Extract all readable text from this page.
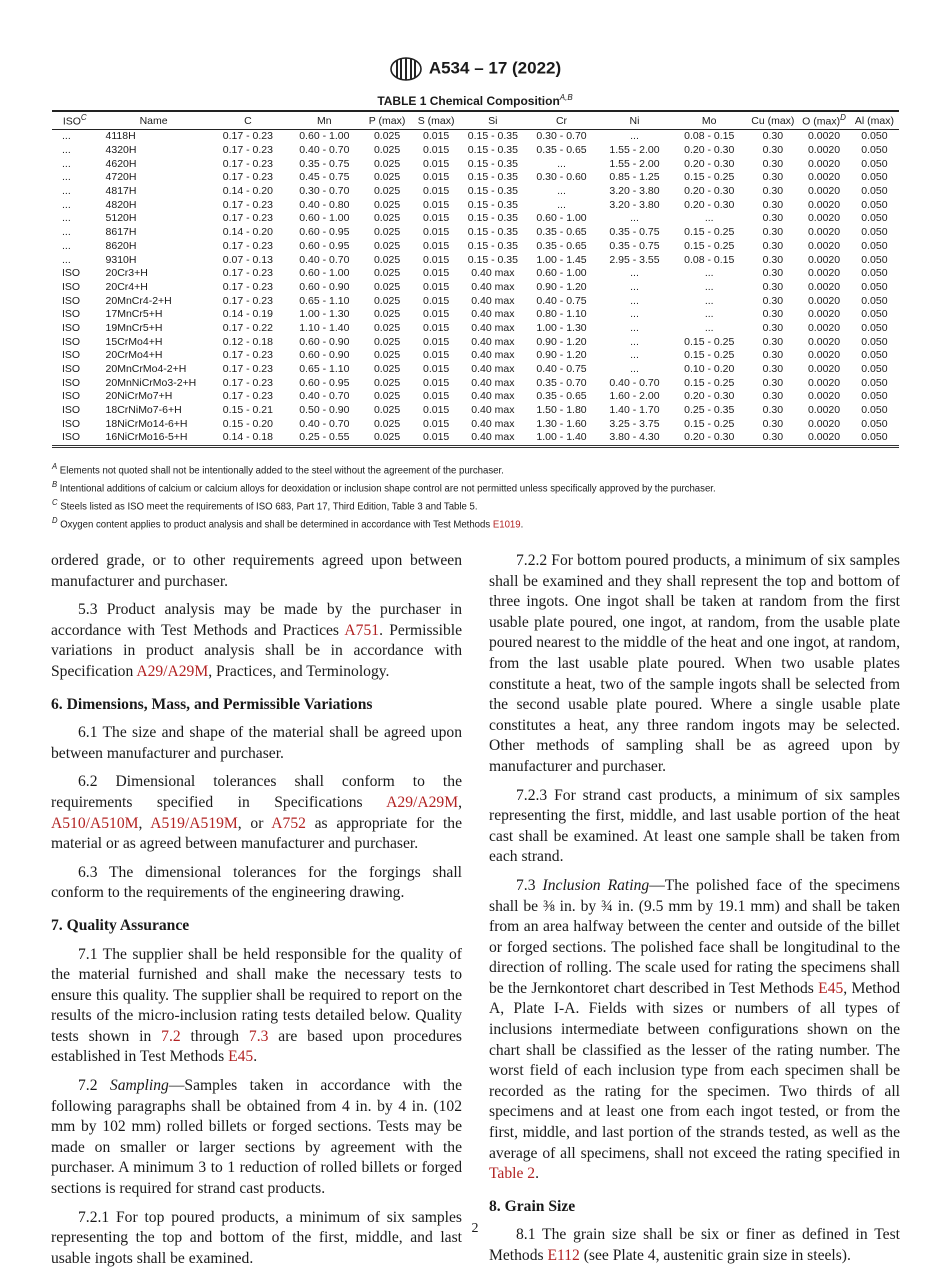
A534 – 17 (2022)
TABLE 1 Chemical Composition$^{A,B}$
$ISO^C$	Name	C	Mn	P (max)	S (max)	Si	Cr	Ni	Mo	Cu (max)	O $(\max)^D$	Al (max)
...	4118H	0.17 - 0.23	0.60 - 1.00	0.025	0.015	0.15 - 0.35	0.30 - 0.70	...	0.08 - 0.15	0.30	0.0020	0.050
...	4320H	0.17 - 0.23	0.40 - 0.70	0.025	0.015	0.15 - 0.35	0.35 - 0.65	1.55 - 2.00	0.20 - 0.30	0.30	0.0020	0.050
...	4620H	0.17 - 0.23	0.35 - 0.75	0.025	0.015	0.15 - 0.35	...	1.55 - 2.00	0.20 - 0.30	0.30	0.0020	0.050
...	4720H	0.17 - 0.23	0.45 - 0.75	0.025	0.015	0.15 - 0.35	0.30 - 0.60	0.85 - 1.25	0.15 - 0.25	0.30	0.0020	0.050
...	4817H	0.14 - 0.20	0.30 - 0.70	0.025	0.015	0.15 - 0.35	...	3.20 - 3.80	0.20 - 0.30	0.30	0.0020	0.050
...	4820H	0.17 - 0.23	0.40 - 0.80	0.025	0.015	0.15 - 0.35	...	3.20 - 3.80	0.20 - 0.30	0.30	0.0020	0.050
...	5120H	0.17 - 0.23	0.60 - 1.00	0.025	0.015	0.15 - 0.35	0.60 - 1.00	...	...	0.30	0.0020	0.050
...	8617H	0.14 - 0.20	0.60 - 0.95	0.025	0.015	0.15 - 0.35	0.35 - 0.65	0.35 - 0.75	0.15 - 0.25	0.30	0.0020	0.050
...	8620H	0.17 - 0.23	0.60 - 0.95	0.025	0.015	0.15 - 0.35	0.35 - 0.65	0.35 - 0.75	0.15 - 0.25	0.30	0.0020	0.050
...	9310H	0.07 - 0.13	0.40 - 0.70	0.025	0.015	0.15 - 0.35	1.00 - 1.45	2.95 - 3.55	0.08 - 0.15	0.30	0.0020	0.050
ISO	20Cr3+H	0.17 - 0.23	0.60 - 1.00	0.025	0.015	0.40 max	0.60 - 1.00	...	...	0.30	0.0020	0.050
ISO	20Cr4+H	0.17 - 0.23	0.60 - 0.90	0.025	0.015	0.40 max	0.90 - 1.20	...	...	0.30	0.0020	0.050
ISO	20MnCr4-2+H	0.17 - 0.23	0.65 - 1.10	0.025	0.015	0.40 max	0.40 - 0.75	...	...	0.30	0.0020	0.050
ISO	17MnCr5+H	0.14 - 0.19	1.00 - 1.30	0.025	0.015	0.40 max	0.80 - 1.10	...	...	0.30	0.0020	0.050
ISO	19MnCr5+H	0.17 - 0.22	1.10 - 1.40	0.025	0.015	0.40 max	1.00 - 1.30	...	...	0.30	0.0020	0.050
ISO	15CrMo4+H	0.12 - 0.18	0.60 - 0.90	0.025	0.015	0.40 max	0.90 - 1.20	...	0.15 - 0.25	0.30	0.0020	0.050
ISO	20CrMo4+H	0.17 - 0.23	0.60 - 0.90	0.025	0.015	0.40 max	0.90 - 1.20	...	0.15 - 0.25	0.30	0.0020	0.050
ISO	20MnCrMo4-2+H	0.17 - 0.23	0.65 - 1.10	0.025	0.015	0.40 max	0.40 - 0.75	...	0.10 - 0.20	0.30	0.0020	0.050
ISO	20MnNiCrMo3-2+H	0.17 - 0.23	0.60 - 0.95	0.025	0.015	0.40 max	0.35 - 0.70	0.40 - 0.70	0.15 - 0.25	0.30	0.0020	0.050
ISO	20NiCrMo7+H	0.17 - 0.23	0.40 - 0.70	0.025	0.015	0.40 max	0.35 - 0.65	1.60 - 2.00	0.20 - 0.30	0.30	0.0020	0.050
ISO	18CrNiMo7-6+H	0.15 - 0.21	0.50 - 0.90	0.025	0.015	0.40 max	1.50 - 1.80	1.40 - 1.70	0.25 - 0.35	0.30	0.0020	0.050
ISO	18NiCrMo14-6+H	0.15 - 0.20	0.40 - 0.70	0.025	0.015	0.40 max	1.30 - 1.60	3.25 - 3.75	0.15 - 0.25	0.30	0.0020	0.050
ISO	16NiCrMo16-5+H	0.14 - 0.18	0.25 - 0.55	0.025	0.015	0.40 max	1.00 - 1.40	3.80 - 4.30	0.20 - 0.30	0.30	0.0020	0.050
$^A$ Elements not quoted shall not be intentionally added to the steel without the agreement of the purchaser.
$^B$ Intentional additions of calcium or calcium alloys for deoxidation or inclusion shape control are not permitted unless specifically approved by the purchaser.
$^C$ Steels listed as ISO meet the requirements of ISO 683, Part 17, Third Edition, Table 3 and Table 5.
$^D$ Oxygen content applies to product analysis and shall be determined in accordance with Test Methods E1019.

ordered grade, or to other requirements agreed upon between manufacturer and purchaser.

5.3 Product analysis may be made by the purchaser in accordance with Test Methods and Practices A751. Permissible variations in product analysis shall be in accordance with Specification A29/A29M, Practices, and Terminology.

6. Dimensions, Mass, and Permissible Variations

6.1 The size and shape of the material shall be agreed upon between manufacturer and purchaser.

6.2 Dimensional tolerances shall conform to the requirements specified in Specifications A29/A29M, A510/A510M, A519/A519M, or A752 as appropriate for the material or as agreed between manufacturer and purchaser.

6.3 The dimensional tolerances for the forgings shall conform to the requirements of the engineering drawing.

7. Quality Assurance

7.1 The supplier shall be held responsible for the quality of the material furnished and shall make the necessary tests to ensure this quality. The supplier shall be required to report on the results of the micro-inclusion rating tests detailed below. Quality tests shown in 7.2 through 7.3 are based upon procedures established in Test Methods E45.

7.2 Sampling—Samples taken in accordance with the following paragraphs shall be obtained from 4 in. by 4 in. (102 mm by 102 mm) rolled billets or forged sections. Tests may be made on smaller or larger sections by agreement with the purchaser. A minimum 3 to 1 reduction of rolled billets or forged sections is required for strand cast products.

7.2.1 For top poured products, a minimum of six samples representing the top and bottom of the first, middle, and last usable ingots shall be examined.

7.2.2 For bottom poured products, a minimum of six samples shall be examined and they shall represent the top and bottom of three ingots. One ingot shall be taken at random from the first usable plate poured, one ingot, at random, from the usable plate poured nearest to the middle of the heat and one ingot, at random, from the last usable plate poured. When two usable plates constitute a heat, two of the sample ingots shall be selected from the second usable plate poured. Where a single usable plate constitutes a heat, any three random ingots may be selected. Other methods of sampling shall be as agreed upon by manufacturer and purchaser.

7.2.3 For strand cast products, a minimum of six samples representing the first, middle, and last usable portion of the heat cast shall be examined. At least one sample shall be taken from each strand.

7.3 Inclusion Rating—The polished face of the specimens shall be ⅜ in. by ¾ in. (9.5 mm by 19.1 mm) and shall be taken from an area halfway between the center and outside of the billet or forged sections. The polished face shall be longitudinal to the direction of rolling. The scale used for rating the specimens shall be the Jernkontoret chart described in Test Methods E45, Method A, Plate I-A. Fields with sizes or numbers of all types of inclusions intermediate between configurations shown on the chart shall be classified as the lesser of the rating number. The worst field of each inclusion type from each specimen shall be recorded as the rating for the specimen. Two thirds of all specimens and at least one from each ingot tested, or from the first, middle, and last portion of the strands tested, as well as the average of all specimens, shall not exceed the rating specified in Table 2.

8. Grain Size

8.1 The grain size shall be six or finer as defined in Test Methods E112 (see Plate 4, austenitic grain size in steels).

2
